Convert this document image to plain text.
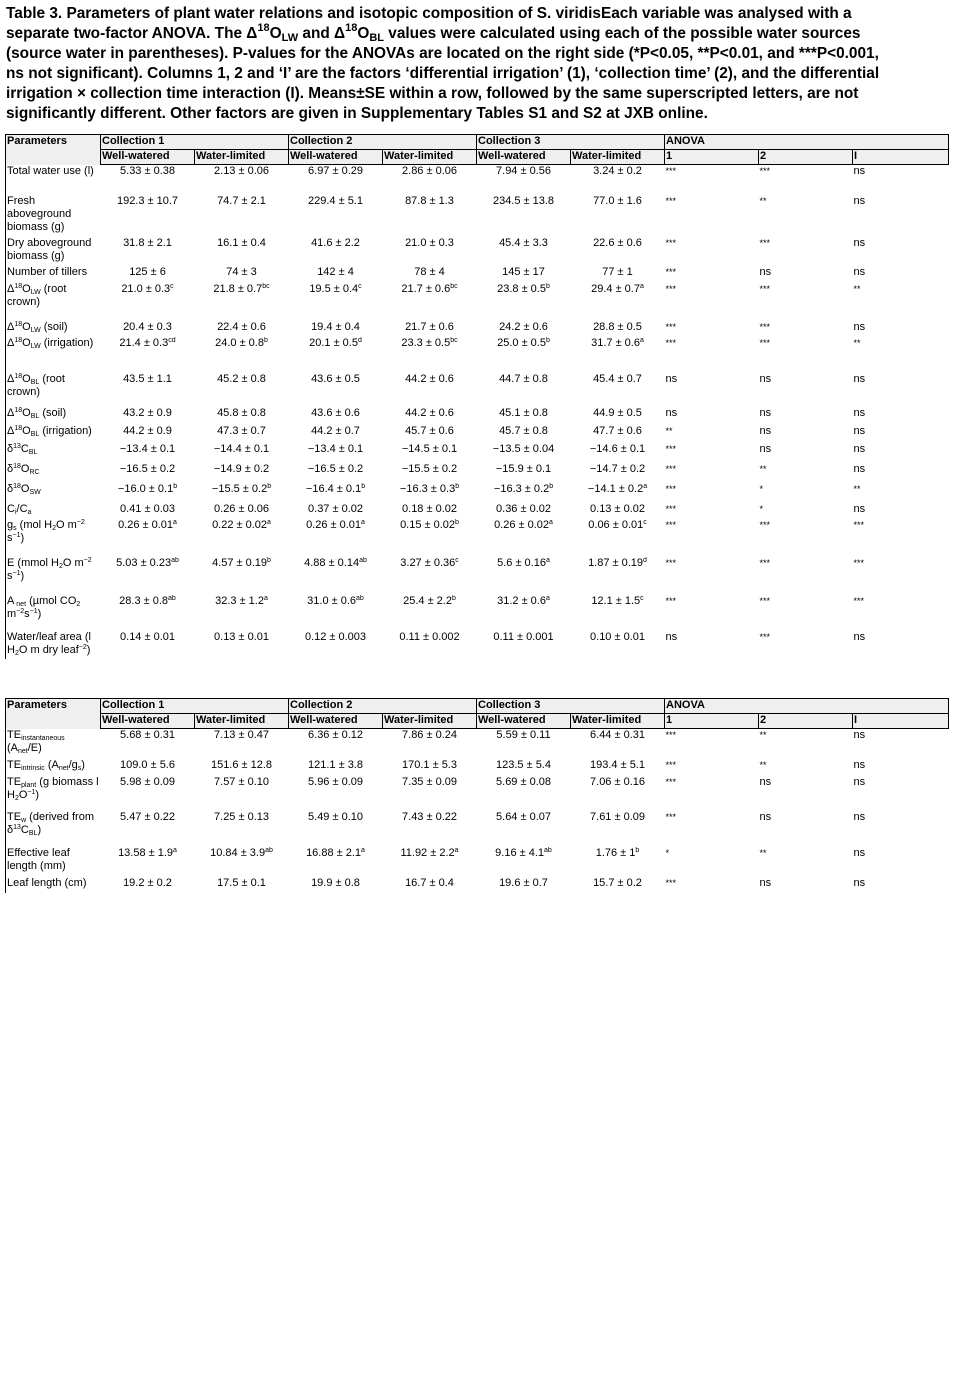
Table 3. Parameters of plant water relations and isotopic composition of S. viridisEach variable was analysed with a
separate two-factor ANOVA. The $\Delta^{18}O_{LW}$ and $\Delta^{18}O_{BL}$ values were calculated using each of the possible water sources
(source water in parentheses). P-values for the ANOVAs are located on the right side (*P<0.05, **P<0.01, and ***P<0.001,
ns not significant). Columns 1, 2 and ‘I’ are the factors ‘differential irrigation’ (1), ‘collection time’ (2), and the differential
irrigation × collection time interaction (I). Means±SE within a row, followed by the same superscripted letters, are not
significantly different. Other factors are given in Supplementary Tables S1 and S2 at JXB online.
Parameters	Collection 1		Collection 2		Collection 3		ANOVA		
	Well-watered	Water-limited	Well-watered	Water-limited	Well-watered	Water-limited	1	2	I
Total water use (l)	5.33 ± 0.38	2.13 ± 0.06	6.97 ± 0.29	2.86 ± 0.06	7.94 ± 0.56	3.24 ± 0.2	***	***	ns
Fresh aboveground biomass (g)	192.3 ± 10.7	74.7 ± 2.1	229.4 ± 5.1	87.8 ± 1.3	234.5 ± 13.8	77.0 ± 1.6	***	**	ns
Dry aboveground biomass (g)	31.8 ± 2.1	16.1 ± 0.4	41.6 ± 2.2	21.0 ± 0.3	45.4 ± 3.3	22.6 ± 0.6	***	***	ns
Number of tillers	125 ± 6	74 ± 3	142 ± 4	78 ± 4	145 ± 17	77 ± 1	***	ns	ns
$\Delta^{18}O_{LW}$ (root crown)	21.0 ± 0.3$^c$	21.8 ± 0.7$^{bc}$	19.5 ± 0.4$^c$	21.7 ± 0.6$^{bc}$	23.8 ± 0.5$^b$	29.4 ± 0.7$^a$	***	***	**
$\Delta^{18}O_{LW}$ (soil)	20.4 ± 0.3	22.4 ± 0.6	19.4 ± 0.4	21.7 ± 0.6	24.2 ± 0.6	28.8 ± 0.5	***	***	ns
$\Delta^{18}O_{LW}$ (irrigation)	21.4 ± 0.3$^{cd}$	24.0 ± 0.8$^b$	20.1 ± 0.5$^d$	23.3 ± 0.5$^{bc}$	25.0 ± 0.5$^b$	31.7 ± 0.6$^a$	***	***	**
$\Delta^{18}O_{BL}$ (root crown)	43.5 ± 1.1	45.2 ± 0.8	43.6 ± 0.5	44.2 ± 0.6	44.7 ± 0.8	45.4 ± 0.7	ns	ns	ns
$\Delta^{18}O_{BL}$ (soil)	43.2 ± 0.9	45.8 ± 0.8	43.6 ± 0.6	44.2 ± 0.6	45.1 ± 0.8	44.9 ± 0.5	ns	ns	ns
$\Delta^{18}O_{BL}$ (irrigation)	44.2 ± 0.9	47.3 ± 0.7	44.2 ± 0.7	45.7 ± 0.6	45.7 ± 0.8	47.7 ± 0.6	**	ns	ns
$\delta^{13}C_{BL}$	−13.4 ± 0.1	−14.4 ± 0.1	−13.4 ± 0.1	−14.5 ± 0.1	−13.5 ± 0.04	−14.6 ± 0.1	***	ns	ns
$\delta^{18}O_{RC}$	−16.5 ± 0.2	−14.9 ± 0.2	−16.5 ± 0.2	−15.5 ± 0.2	−15.9 ± 0.1	−14.7 ± 0.2	***	**	ns
$\delta^{18}O_{SW}$	−16.0 ± 0.1$^b$	−15.5 ± 0.2$^b$	−16.4 ± 0.1$^b$	−16.3 ± 0.3$^b$	−16.3 ± 0.2$^b$	−14.1 ± 0.2$^a$	***	*	**
$C_i/C_a$	0.41 ± 0.03	0.26 ± 0.06	0.37 ± 0.02	0.18 ± 0.02	0.36 ± 0.02	0.13 ± 0.02	***	*	ns
$g_s$ (mol $H_2O$ $m^{-2}$ $s^{-1}$)	0.26 ± 0.01$^a$	0.22 ± 0.02$^a$	0.26 ± 0.01$^a$	0.15 ± 0.02$^b$	0.26 ± 0.02$^a$	0.06 ± 0.01$^c$	***	***	***
E (mmol $H_2O$ $m^{-2}$ $s^{-1}$)	5.03 ± 0.23$^{ab}$	4.57 ± 0.19$^b$	4.88 ± 0.14$^{ab}$	3.27 ± 0.36$^c$	5.6 ± 0.16$^a$	1.87 ± 0.19$^d$	***	***	***
A $_{net}$ (µmol $CO_2$ $m^{-2}s^{-1}$)	28.3 ± 0.8$^{ab}$	32.3 ± 1.2$^a$	31.0 ± 0.6$^{ab}$	25.4 ± 2.2$^b$	31.2 ± 0.6$^a$	12.1 ± 1.5$^c$	***	***	***
Water/leaf area (l $H_2O$ m dry leaf$^{-2}$)	0.14 ± 0.01	0.13 ± 0.01	0.12 ± 0.003	0.11 ± 0.002	0.11 ± 0.001	0.10 ± 0.01	ns	***	ns
Parameters	Collection 1		Collection 2		Collection 3		ANOVA		
	Well-watered	Water-limited	Well-watered	Water-limited	Well-watered	Water-limited	1	2	I
$TE_{instantaneous}$ $(A_{net}/E)$	5.68 ± 0.31	7.13 ± 0.47	6.36 ± 0.12	7.86 ± 0.24	5.59 ± 0.11	6.44 ± 0.31	***	**	ns
$TE_{intrinsic}$ $(A_{net}/g_s)$	109.0 ± 5.6	151.6 ± 12.8	121.1 ± 3.8	170.1 ± 5.3	123.5 ± 5.4	193.4 ± 5.1	***	**	ns
$TE_{plant}$ (g biomass l $H_2O^{-1}$)	5.98 ± 0.09	7.57 ± 0.10	5.96 ± 0.09	7.35 ± 0.09	5.69 ± 0.08	7.06 ± 0.16	***	ns	ns
$TE_w$ (derived from $\delta^{13}C_{BL}$)	5.47 ± 0.22	7.25 ± 0.13	5.49 ± 0.10	7.43 ± 0.22	5.64 ± 0.07	7.61 ± 0.09	***	ns	ns
Effective leaf length (mm)	13.58 ± 1.9$^a$	10.84 ± 3.9$^{ab}$	16.88 ± 2.1$^a$	11.92 ± 2.2$^a$	9.16 ± 4.1$^{ab}$	$1.76 \pm 1^b$	*	**	ns
Leaf length (cm)	19.2 ± 0.2	17.5 ± 0.1	19.9 ± 0.8	16.7 ± 0.4	19.6 ± 0.7	15.7 ± 0.2	***	ns	ns
